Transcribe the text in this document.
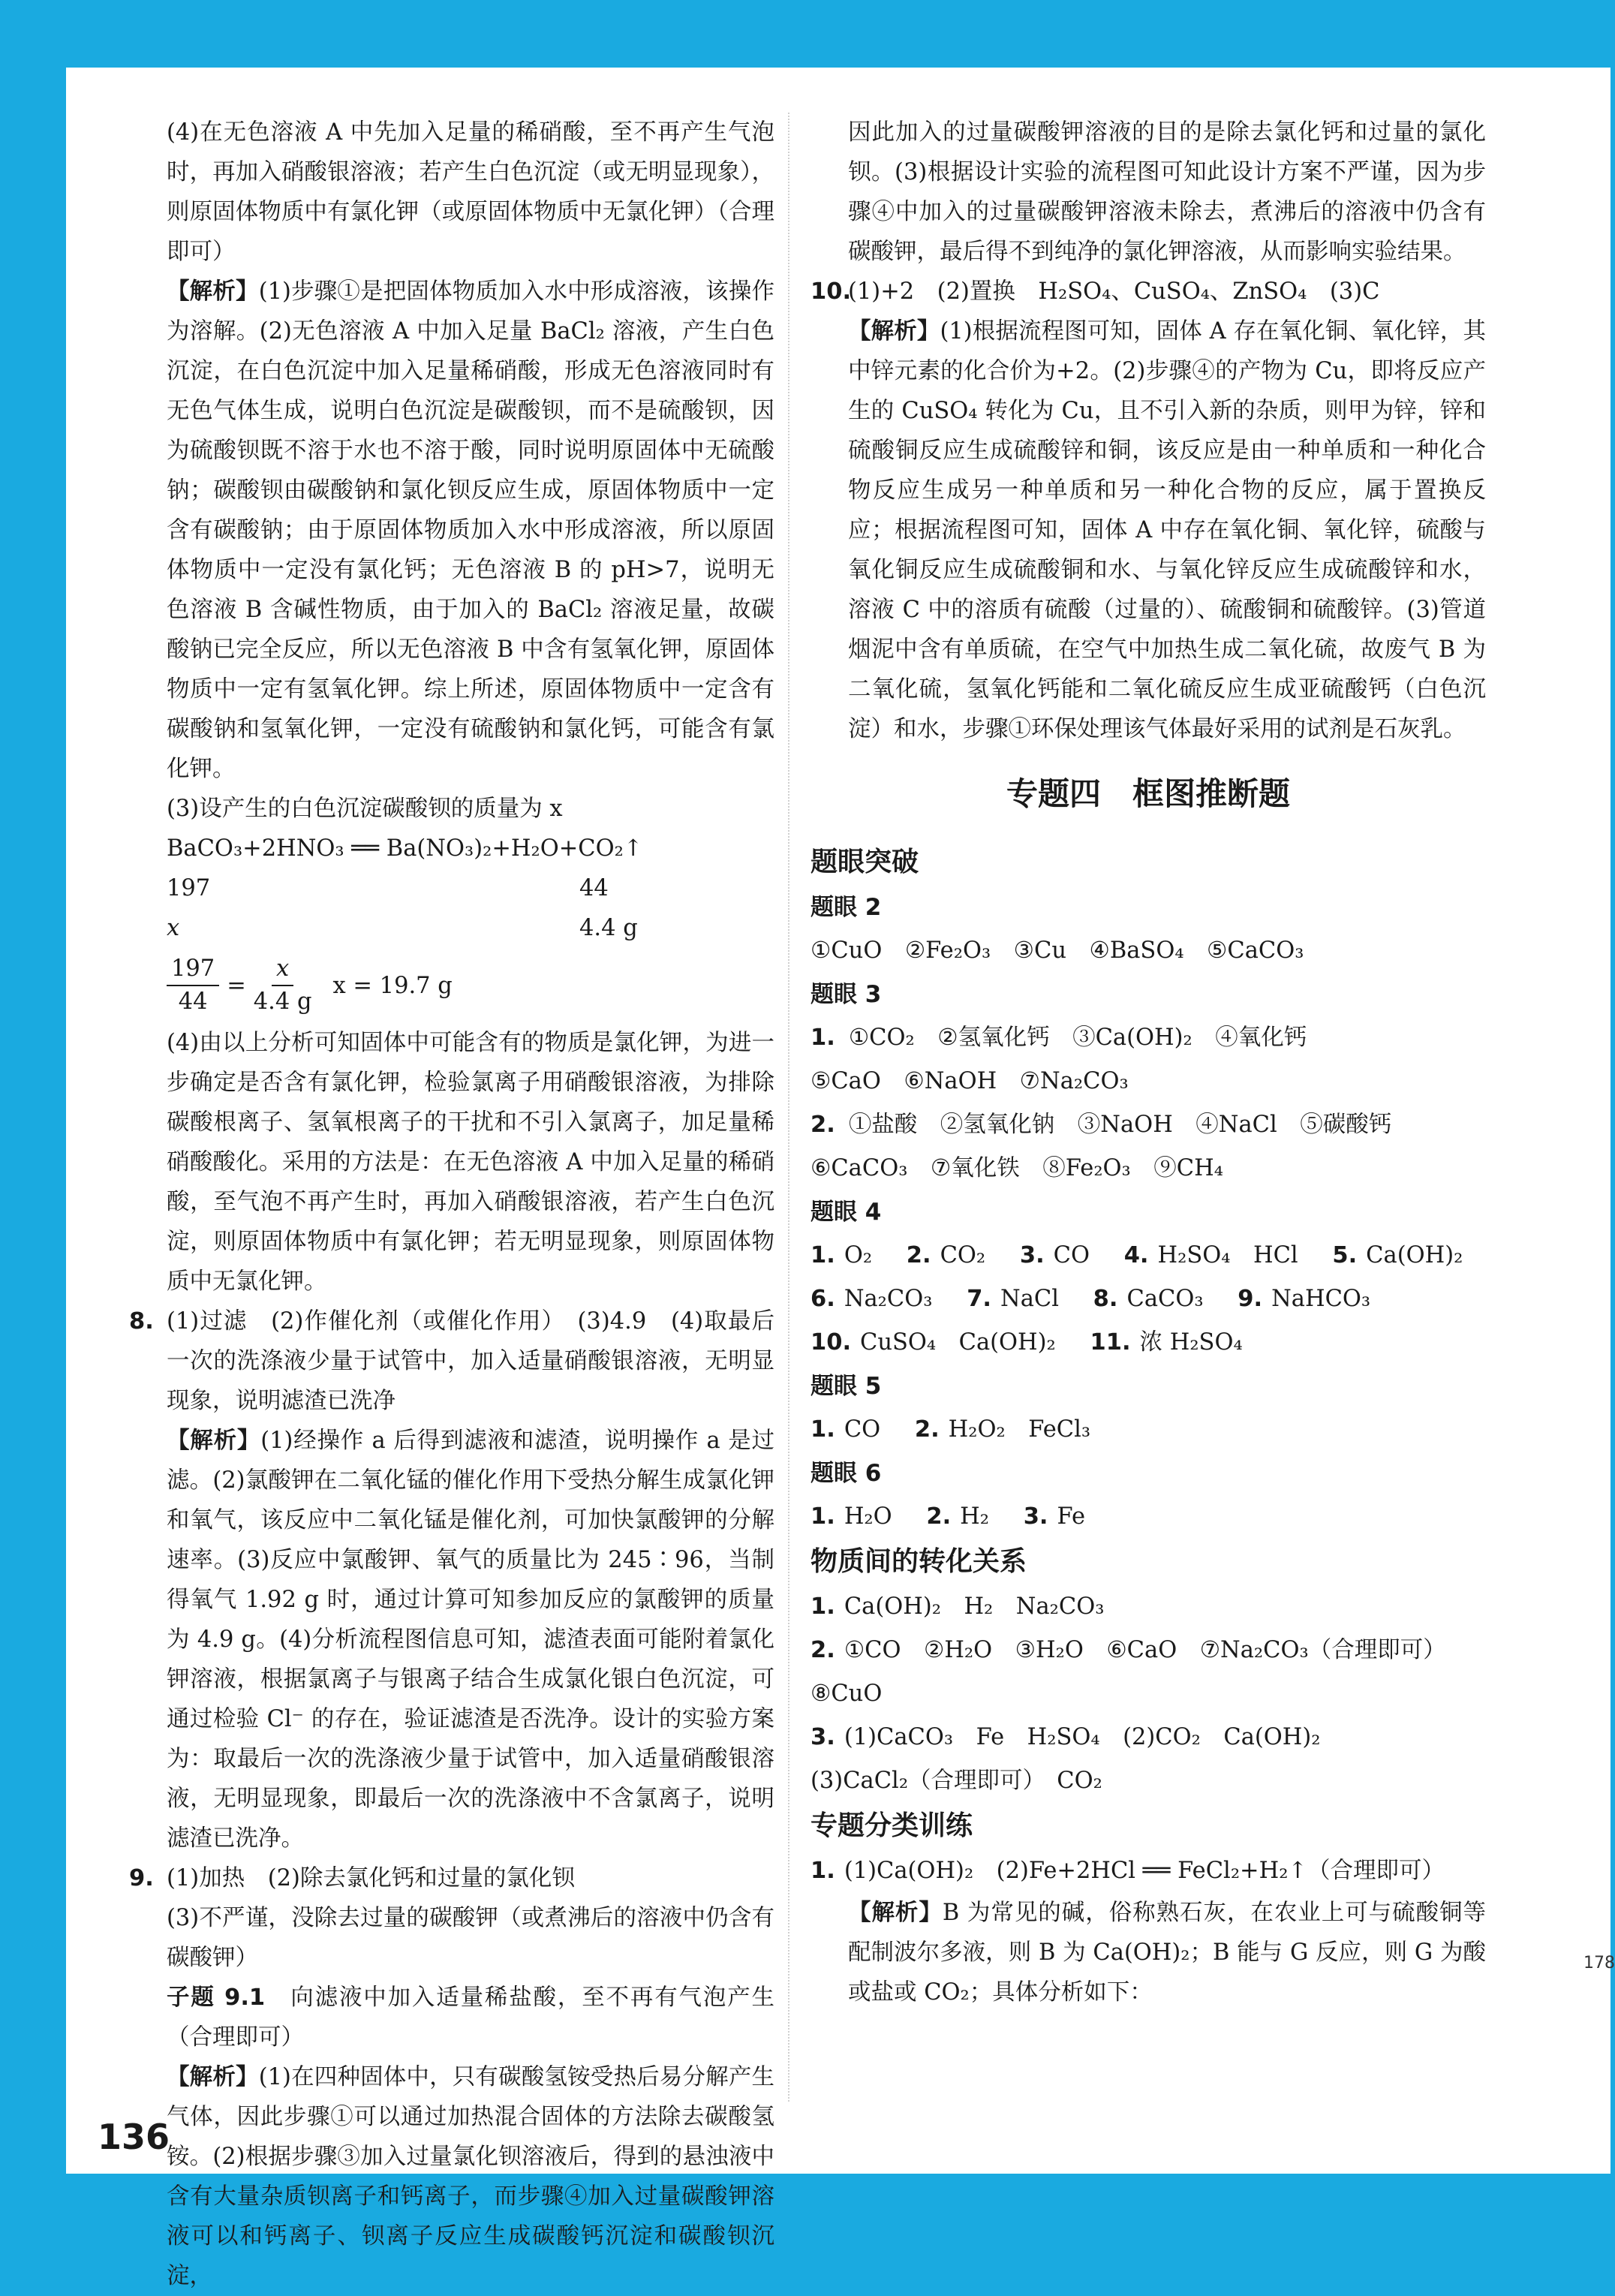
(4)在无色溶液 A 中先加入足量的稀硝酸，至不再产生气泡时，再加入硝酸银溶液；若产生白色沉淀（或无明显现象），则原固体物质中有氯化钾（或原固体物质中无氯化钾）（合理即可）

【解析】(1)步骤①是把固体物质加入水中形成溶液，该操作为溶解。(2)无色溶液 A 中加入足量 BaCl₂ 溶液，产生白色沉淀，在白色沉淀中加入足量稀硝酸，形成无色溶液同时有无色气体生成，说明白色沉淀是碳酸钡，而不是硫酸钡，因为硫酸钡既不溶于水也不溶于酸，同时说明原固体中无硫酸钠；碳酸钡由碳酸钠和氯化钡反应生成，原固体物质中一定含有碳酸钠；由于原固体物质加入水中形成溶液，所以原固体物质中一定没有氯化钙；无色溶液 B 的 pH>7，说明无色溶液 B 含碱性物质，由于加入的 BaCl₂ 溶液足量，故碳酸钠已完全反应，所以无色溶液 B 中含有氢氧化钾，原固体物质中一定有氢氧化钾。综上所述，原固体物质中一定含有碳酸钠和氢氧化钾，一定没有硫酸钠和氯化钙，可能含有氯化钾。

(3)设产生的白色沉淀碳酸钡的质量为 x

BaCO₃+2HNO₃ ══ Ba(NO₃)₂+H₂O+CO₂↑

197	44
x	4.4 g
$\frac{197}{44} = \frac{x}{4.4 g}$ x = 19.7 g

(4)由以上分析可知固体中可能含有的物质是氯化钾，为进一步确定是否含有氯化钾，检验氯离子用硝酸银溶液，为排除碳酸根离子、氢氧根离子的干扰和不引入氯离子，加足量稀硝酸酸化。采用的方法是：在无色溶液 A 中加入足量的稀硝酸，至气泡不再产生时，再加入硝酸银溶液，若产生白色沉淀，则原固体物质中有氯化钾；若无明显现象，则原固体物质中无氯化钾。

8. (1)过滤　(2)作催化剂（或催化作用）　(3)4.9　(4)取最后一次的洗涤液少量于试管中，加入适量硝酸银溶液，无明显现象，说明滤渣已洗净

【解析】(1)经操作 a 后得到滤液和滤渣，说明操作 a 是过滤。(2)氯酸钾在二氧化锰的催化作用下受热分解生成氯化钾和氧气，该反应中二氧化锰是催化剂，可加快氯酸钾的分解速率。(3)反应中氯酸钾、氧气的质量比为 245∶96，当制得氧气 1.92 g 时，通过计算可知参加反应的氯酸钾的质量为 4.9 g。(4)分析流程图信息可知，滤渣表面可能附着氯化钾溶液，根据氯离子与银离子结合生成氯化银白色沉淀，可通过检验 Cl⁻ 的存在，验证滤渣是否洗净。设计的实验方案为：取最后一次的洗涤液少量于试管中，加入适量硝酸银溶液，无明显现象，即最后一次的洗涤液中不含氯离子，说明滤渣已洗净。

9. (1)加热　(2)除去氯化钙和过量的氯化钡

(3)不严谨，没除去过量的碳酸钾（或煮沸后的溶液中仍含有碳酸钾）

子题 9.1　 向滤液中加入适量稀盐酸，至不再有气泡产生（合理即可）

【解析】(1)在四种固体中，只有碳酸氢铵受热后易分解产生气体，因此步骤①可以通过加热混合固体的方法除去碳酸氢铵。(2)根据步骤③加入过量氯化钡溶液后，得到的悬浊液中含有大量杂质钡离子和钙离子，而步骤④加入过量碳酸钾溶液可以和钙离子、钡离子反应生成碳酸钙沉淀和碳酸钡沉淀，

因此加入的过量碳酸钾溶液的目的是除去氯化钙和过量的氯化钡。(3)根据设计实验的流程图可知此设计方案不严谨，因为步骤④中加入的过量碳酸钾溶液未除去，煮沸后的溶液中仍含有碳酸钾，最后得不到纯净的氯化钾溶液，从而影响实验结果。

10.

(1)+2　(2)置换　H₂SO₄、CuSO₄、ZnSO₄　(3)C

【解析】(1)根据流程图可知，固体 A 存在氧化铜、氧化锌，其中锌元素的化合价为+2。(2)步骤④的产物为 Cu，即将反应产生的 CuSO₄ 转化为 Cu，且不引入新的杂质，则甲为锌，锌和硫酸铜反应生成硫酸锌和铜，该反应是由一种单质和一种化合物反应生成另一种单质和另一种化合物的反应，属于置换反应；根据流程图可知，固体 A 中存在氧化铜、氧化锌，硫酸与氧化铜反应生成硫酸铜和水、与氧化锌反应生成硫酸锌和水，溶液 C 中的溶质有硫酸（过量的）、硫酸铜和硫酸锌。(3)管道烟泥中含有单质硫，在空气中加热生成二氧化硫，故废气 B 为二氧化硫，氢氧化钙能和二氧化硫反应生成亚硫酸钙（白色沉淀）和水，步骤①环保处理该气体最好采用的试剂是石灰乳。

专题四　框图推断题

题眼突破

题眼 2

①CuO　②Fe₂O₃　③Cu　④BaSO₄　⑤CaCO₃

题眼 3

1. ①CO₂　②氢氧化钙　③Ca(OH)₂　④氧化钙

⑤CaO　⑥NaOH　⑦Na₂CO₃

2. ①盐酸　②氢氧化钠　③NaOH　④NaCl　⑤碳酸钙

⑥CaCO₃　⑦氧化铁　⑧Fe₂O₃　⑨CH₄

题眼 4

1. O₂ 2. CO₂ 3. CO 4. H₂SO₄　HCl 5. Ca(OH)₂

6. Na₂CO₃ 7. NaCl 8. CaCO₃ 9. NaHCO₃

10. CuSO₄　Ca(OH)₂ 11. 浓 H₂SO₄

题眼 5

1. CO 2. H₂O₂　FeCl₃

题眼 6

1. H₂O 2. H₂ 3. Fe

物质间的转化关系

1. Ca(OH)₂　H₂　Na₂CO₃

2. ①CO　②H₂O　③H₂O　⑥CaO　⑦Na₂CO₃（合理即可）

⑧CuO

3. (1)CaCO₃　Fe　H₂SO₄　(2)CO₂　Ca(OH)₂

(3)CaCl₂（合理即可）　CO₂

专题分类训练

1. (1)Ca(OH)₂　(2)Fe+2HCl ══ FeCl₂+H₂↑（合理即可）

【解析】B 为常见的碱，俗称熟石灰，在农业上可与硫酸铜等配制波尔多液，则 B 为 Ca(OH)₂；B 能与 G 反应，则 G 为酸或盐或 CO₂；具体分析如下：

136
178
